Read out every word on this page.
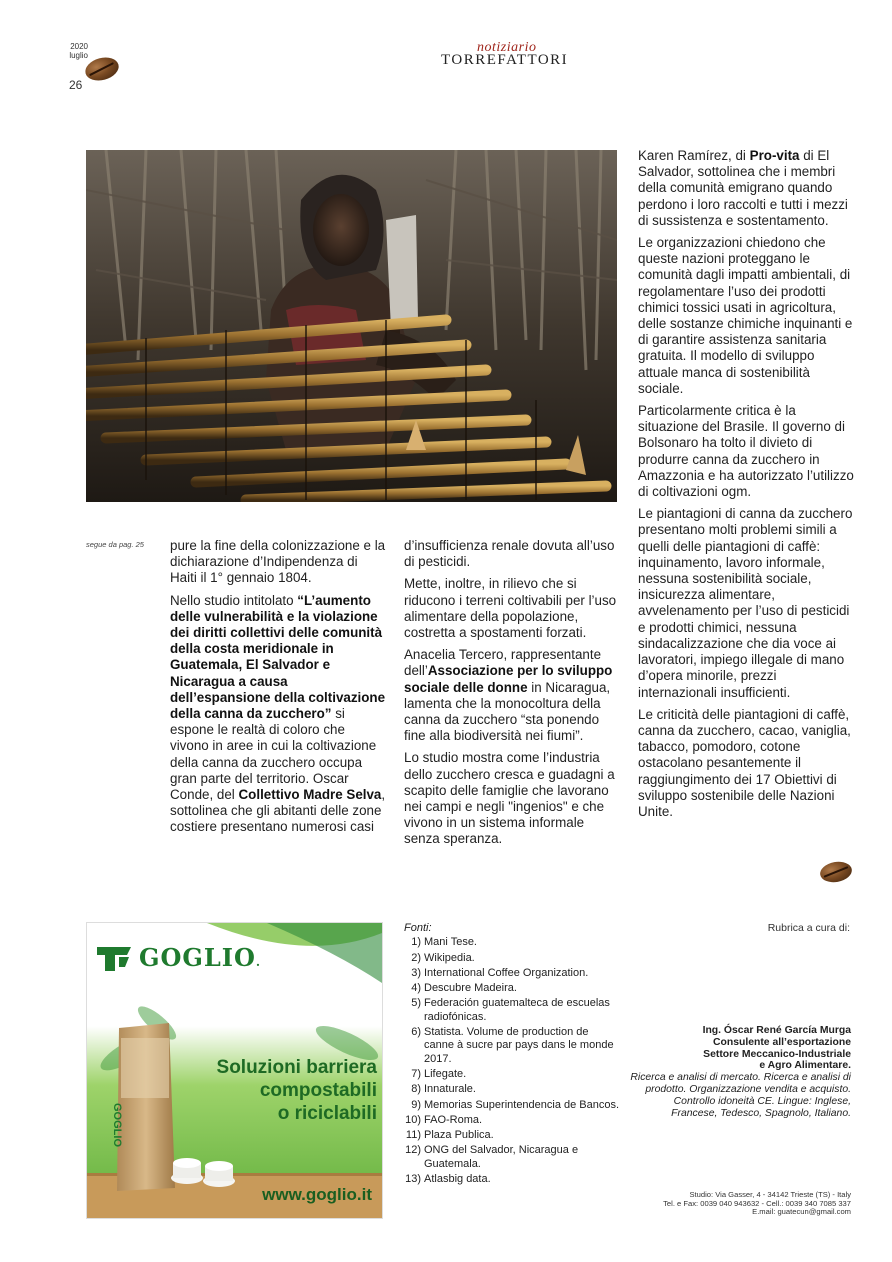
2020
luglio
26
notiziario
TORREFATTORI

Karen Ramírez, di Pro-vita di El Salvador, sottolinea che i membri della comunità emigrano quando perdono i loro raccolti e tutti i mezzi di sussistenza e sostentamento.

Le organizzazioni chiedono che queste nazioni proteggano le comunità dagli impatti ambientali, di regolamentare l’uso dei prodotti chimici tossici usati in agricoltura, delle sostanze chimiche inquinanti e di garantire assistenza sanitaria gratuita. Il modello di sviluppo attuale manca di sostenibilità sociale.

Particolarmente critica è la situazione del Brasile. Il governo di Bolsonaro ha tolto il divieto di produrre canna da zucchero in Amazzonia e ha autorizzato l’utilizzo di coltivazioni ogm.

Le piantagioni di canna da zucchero presentano molti problemi simili a quelli delle piantagioni di caffè: inquinamento, lavoro informale, nessuna sostenibilità sociale, insicurezza alimentare, avvelenamento per l’uso di pesticidi e prodotti chimici, nessuna sindacalizzazione che dia voce ai lavoratori, impiego illegale di mano d’opera minorile, prezzi internazionali insufficienti.

Le criticità delle piantagioni di caffè, canna da zucchero, cacao, vaniglia, tabacco, pomodoro, cotone ostacolano pesantemente il raggiungimento dei 17 Obiettivi di sviluppo sostenibile delle Nazioni Unite.

segue da pag. 25 pure la fine della colonizzazione e la dichiarazione d’Indipendenza di Haiti il 1° gennaio 1804.

Nello studio intitolato “L’aumento delle vulnerabilità e la violazione dei diritti collettivi delle comunità della costa meridionale in Guatemala, El Salvador e Nicaragua a causa dell’espansione della coltivazione della canna da zucchero” si espone le realtà di coloro che vivono in aree in cui la coltivazione della canna da zucchero occupa gran parte del territorio. Oscar Conde, del Collettivo Madre Selva, sottolinea che gli abitanti delle zone costiere presentano numerosi casi

d’insufficienza renale dovuta all’uso di pesticidi.

Mette, inoltre, in rilievo che si riducono i terreni coltivabili per l’uso alimentare della popolazione, costretta a spostamenti forzati.

Anacelia Tercero, rappresentante dell’Associazione per lo sviluppo sociale delle donne in Nicaragua, lamenta che la monocoltura della canna da zucchero “sta ponendo fine alla biodiversità nei fiumi”.

Lo studio mostra come l’industria dello zucchero cresca e guadagni a scapito delle famiglie che lavorano nei campi e negli "ingenios" e che vivono in un sistema informale senza speranza.

GOGLIO.
GOGLIO
Soluzioni barriera
compostabili
o riciclabili
www.goglio.it
Fonti:
1) Mani Tese.
2) Wikipedia.
3) International Coffee Organization.
4) Descubre Madeira.
5) Federación guatemalteca de escuelas radiofónicas.
6) Statista. Volume de production de canne à sucre par pays dans le monde 2017.
7) Lifegate.
8) Innaturale.
9) Memorias Superintendencia de Bancos.
10) FAO-Roma.
11) Plaza Publica.
12) ONG del Salvador, Nicaragua e Guatemala.
13) Atlasbig data.
Rubrica a cura di:
Ing. Óscar René García Murga
Consulente all’esportazione
Settore Meccanico-Industriale
e Agro Alimentare.
Ricerca e analisi di mercato. Ricerca e analisi di prodotto. Organizzazione vendita e acquisto. Controllo idoneità CE. Lingue: Inglese, Francese, Tedesco, Spagnolo, Italiano.
Studio: Via Gasser, 4 - 34142 Trieste (TS) - Italy
Tel. e Fax: 0039 040 943632 - Cell.: 0039 340 7085 337
E.mail: guatecun@gmail.com
